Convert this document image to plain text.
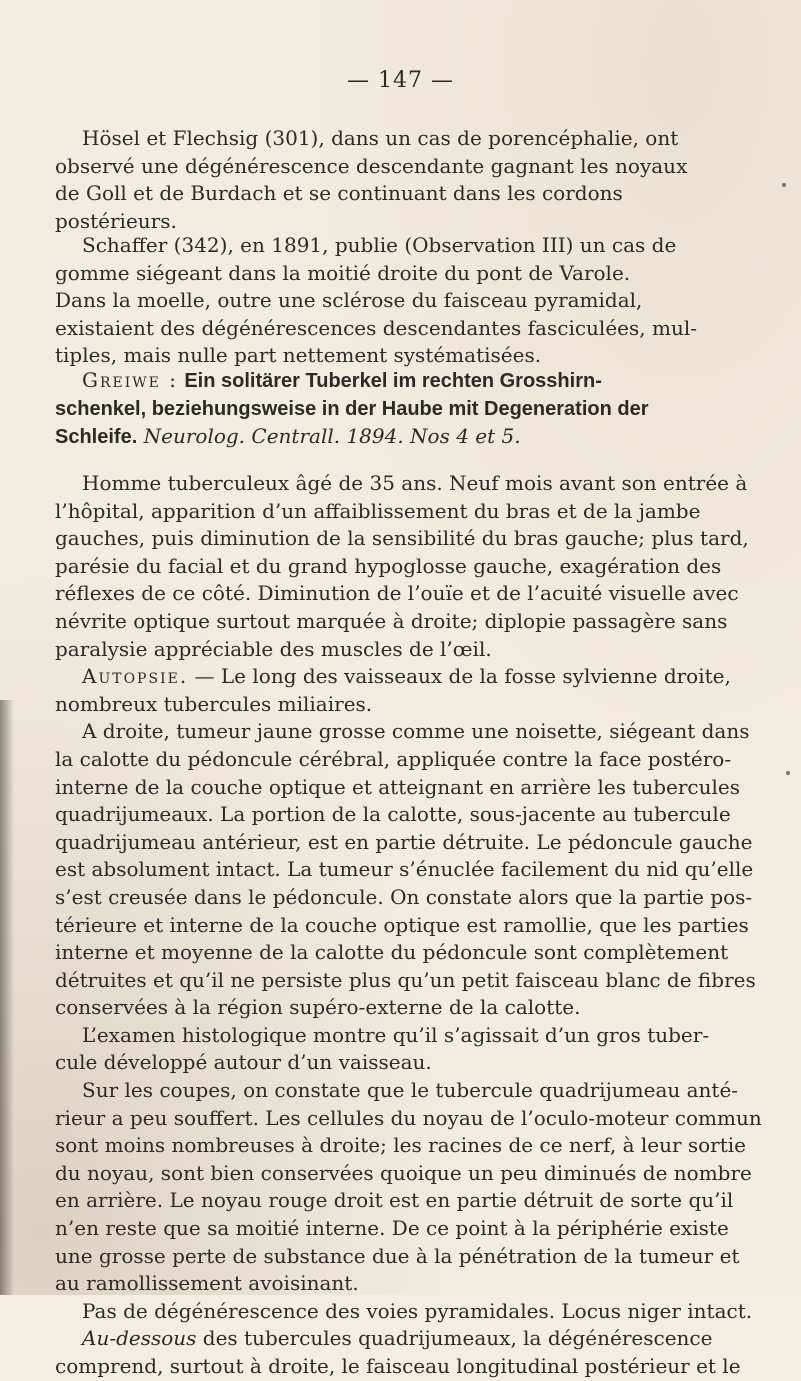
— 147 —
Hösel et Flechsig (301), dans un cas de porencéphalie, ont
observé une dégénérescence descendante gagnant les noyaux
de Goll et de Burdach et se continuant dans les cordons
postérieurs.
Schaffer (342), en 1891, publie (Observation III) un cas de
gomme siégeant dans la moitié droite du pont de Varole.
Dans la moelle, outre une sclérose du faisceau pyramidal,
existaient des dégénérescences descendantes fasciculées, mul-
tiples, mais nulle part nettement systématisées.
Greiwe : Ein solitärer Tuberkel im rechten Grosshirn-
schenkel, beziehungsweise in der Haube mit Degeneration der
Schleife. Neurolog. Centrall. 1894. Nos 4 et 5.
Homme tuberculeux âgé de 35 ans. Neuf mois avant son entrée à
l’hôpital, apparition d’un affaiblissement du bras et de la jambe
gauches, puis diminution de la sensibilité du bras gauche; plus tard,
parésie du facial et du grand hypoglosse gauche, exagération des
réflexes de ce côté. Diminution de l’ouïe et de l’acuité visuelle avec
névrite optique surtout marquée à droite; diplopie passagère sans
paralysie appréciable des muscles de l’œil.
Autopsie. — Le long des vaisseaux de la fosse sylvienne droite,
nombreux tubercules miliaires.
A droite, tumeur jaune grosse comme une noisette, siégeant dans
la calotte du pédoncule cérébral, appliquée contre la face postéro-
interne de la couche optique et atteignant en arrière les tubercules
quadrijumeaux. La portion de la calotte, sous-jacente au tubercule
quadrijumeau antérieur, est en partie détruite. Le pédoncule gauche
est absolument intact. La tumeur s’énuclée facilement du nid qu’elle
s’est creusée dans le pédoncule. On constate alors que la partie pos-
térieure et interne de la couche optique est ramollie, que les parties
interne et moyenne de la calotte du pédoncule sont complètement
détruites et qu’il ne persiste plus qu’un petit faisceau blanc de fibres
conservées à la région supéro-externe de la calotte.
L’examen histologique montre qu’il s’agissait d’un gros tuber-
cule développé autour d’un vaisseau.
Sur les coupes, on constate que le tubercule quadrijumeau anté-
rieur a peu souffert. Les cellules du noyau de l’oculo-moteur commun
sont moins nombreuses à droite; les racines de ce nerf, à leur sortie
du noyau, sont bien conservées quoique un peu diminués de nombre
en arrière. Le noyau rouge droit est en partie détruit de sorte qu’il
n’en reste que sa moitié interne. De ce point à la périphérie existe
une grosse perte de substance due à la pénétration de la tumeur et
au ramollissement avoisinant.
Pas de dégénérescence des voies pyramidales. Locus niger intact.
Au-dessous des tubercules quadrijumeaux, la dégénérescence
comprend, surtout à droite, le faisceau longitudinal postérieur et le
